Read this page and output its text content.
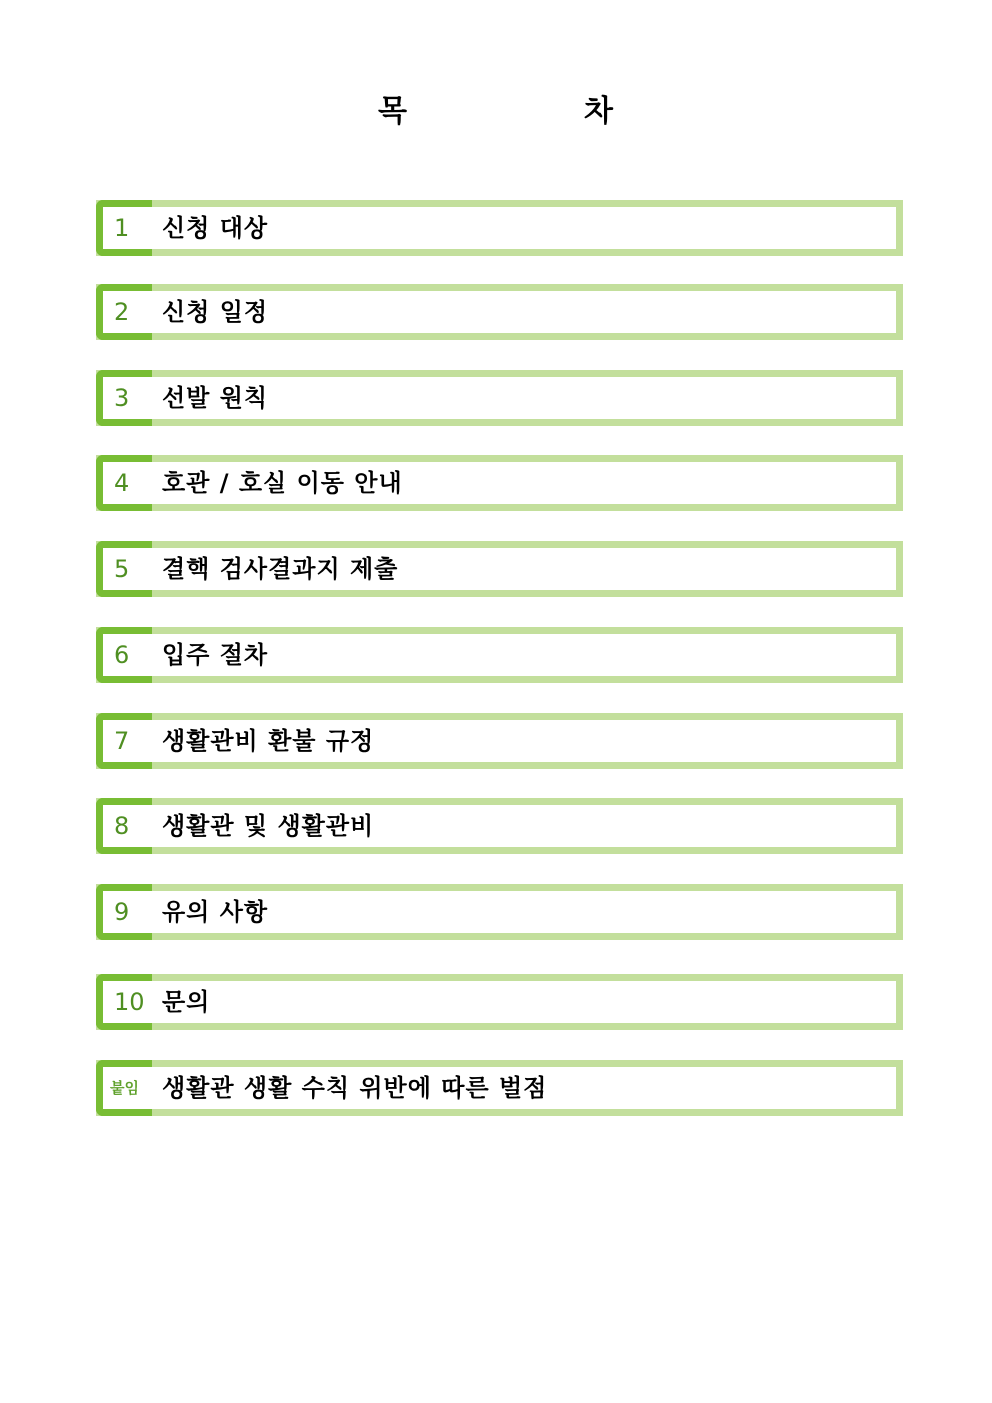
목	차
1 신청 대상
2 신청 일정
3 선발 원칙
4 호관 / 호실 이동 안내
5 결핵 검사결과지 제출
6 입주 절차
7 생활관비 환불 규정
8 생활관 및 생활관비
9 유의 사항
10 문의
붙임 생활관 생활 수칙 위반에 따른 벌점
